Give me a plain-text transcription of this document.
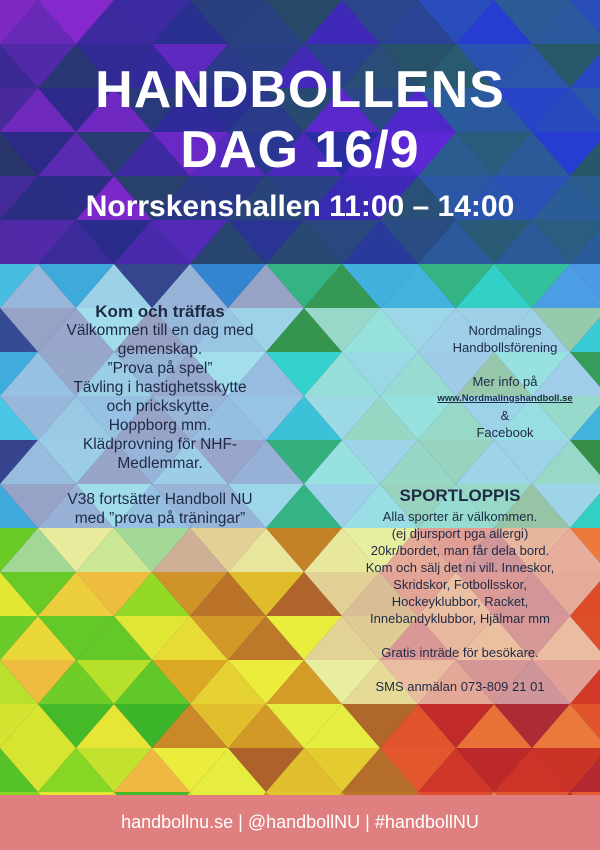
HANDBOLLENS
DAG 16/9
Norrskenshallen 11:00 – 14:00
Kom och träffas
Välkommen till en dag med
gemenskap.
”Prova på spel”
Tävling i hastighetsskytte
och prickskytte.
Hoppborg mm.
Klädprovning för NHF-
Medlemmar.
V38 fortsätter Handboll NU
med ”prova på träningar”
Nordmalings
Handbollsförening
Mer info på
www.Nordmalingshandboll.se
&
Facebook
SPORTLOPPIS
Alla sporter är välkommen.
(ej djursport pga allergi)
20kr/bordet, man får dela bord.
Kom och sälj det ni vill. Inneskor,
Skridskor, Fotbollsskor,
Hockeyklubbor, Racket,
Innebandyklubbor, Hjälmar mm
Gratis inträde för besökare.
SMS anmälan 073-809 21 01
handbollnu.se | @handbollNU | #handbollNU
